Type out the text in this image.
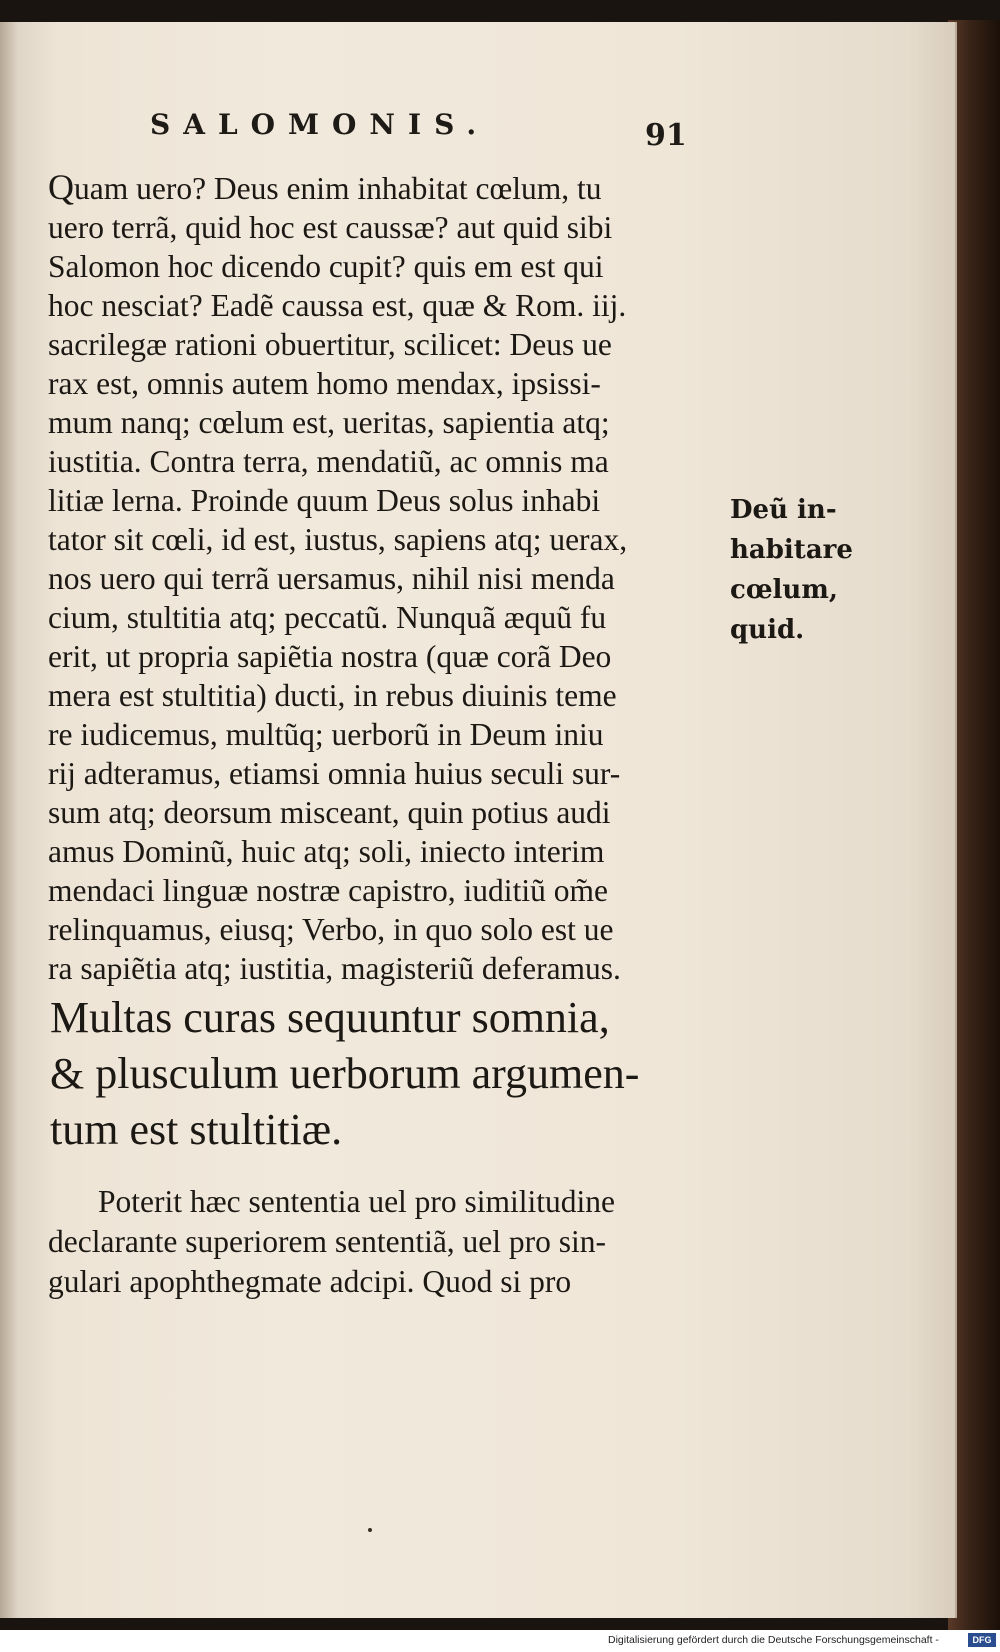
SALOMONIS.	91
Quam uero? Deus enim inhabitat cœlum, tu
uero terrã, quid hoc est caussæ? aut quid sibi
Salomon hoc dicendo cupit? quis em est qui
hoc nesciat? Eadẽ caussa est, quæ & Rom. iij.
sacrilegæ rationi obuertitur, scilicet: Deus ue
rax est, omnis autem homo mendax, ipsissi-
mum nanq; cœlum est, ueritas, sapientia atq;
iustitia. Contra terra, mendatiũ, ac omnis ma
litiæ lerna. Proinde quum Deus solus inhabi
tator sit cœli, id est, iustus, sapiens atq; uerax,
nos uero qui terrã uersamus, nihil nisi menda
cium, stultitia atq; peccatũ. Nunquã æquũ fu
erit, ut propria sapiẽtia nostra (quæ corã Deo
mera est stultitia) ducti, in rebus diuinis teme
re iudicemus, multũq; uerborũ in Deum iniu
rĳ adteramus, etiamsi omnia huius seculi sur-
sum atq; deorsum misceant, quin potius audi
amus Dominũ, huic atq; soli, iniecto interim
mendaci linguæ nostræ capistro, iuditiũ om̃e
relinquamus, eiusq; Verbo, in quo solo est ue
ra sapiẽtia atq; iustitia, magisteriũ deferamus.
Deũ in-
habitare
cœlum,
quid.
Multas curas sequuntur somnia,
& plusculum uerborum argumen-
tum est stultitiæ.
Poterit hæc sententia uel pro similitudine
declarante superiorem sententiã, uel pro sin-
gulari apophthegmate adcipi. Quod si pro
Digitalisierung gefördert durch die Deutsche Forschungsgemeinschaft -	DFG
